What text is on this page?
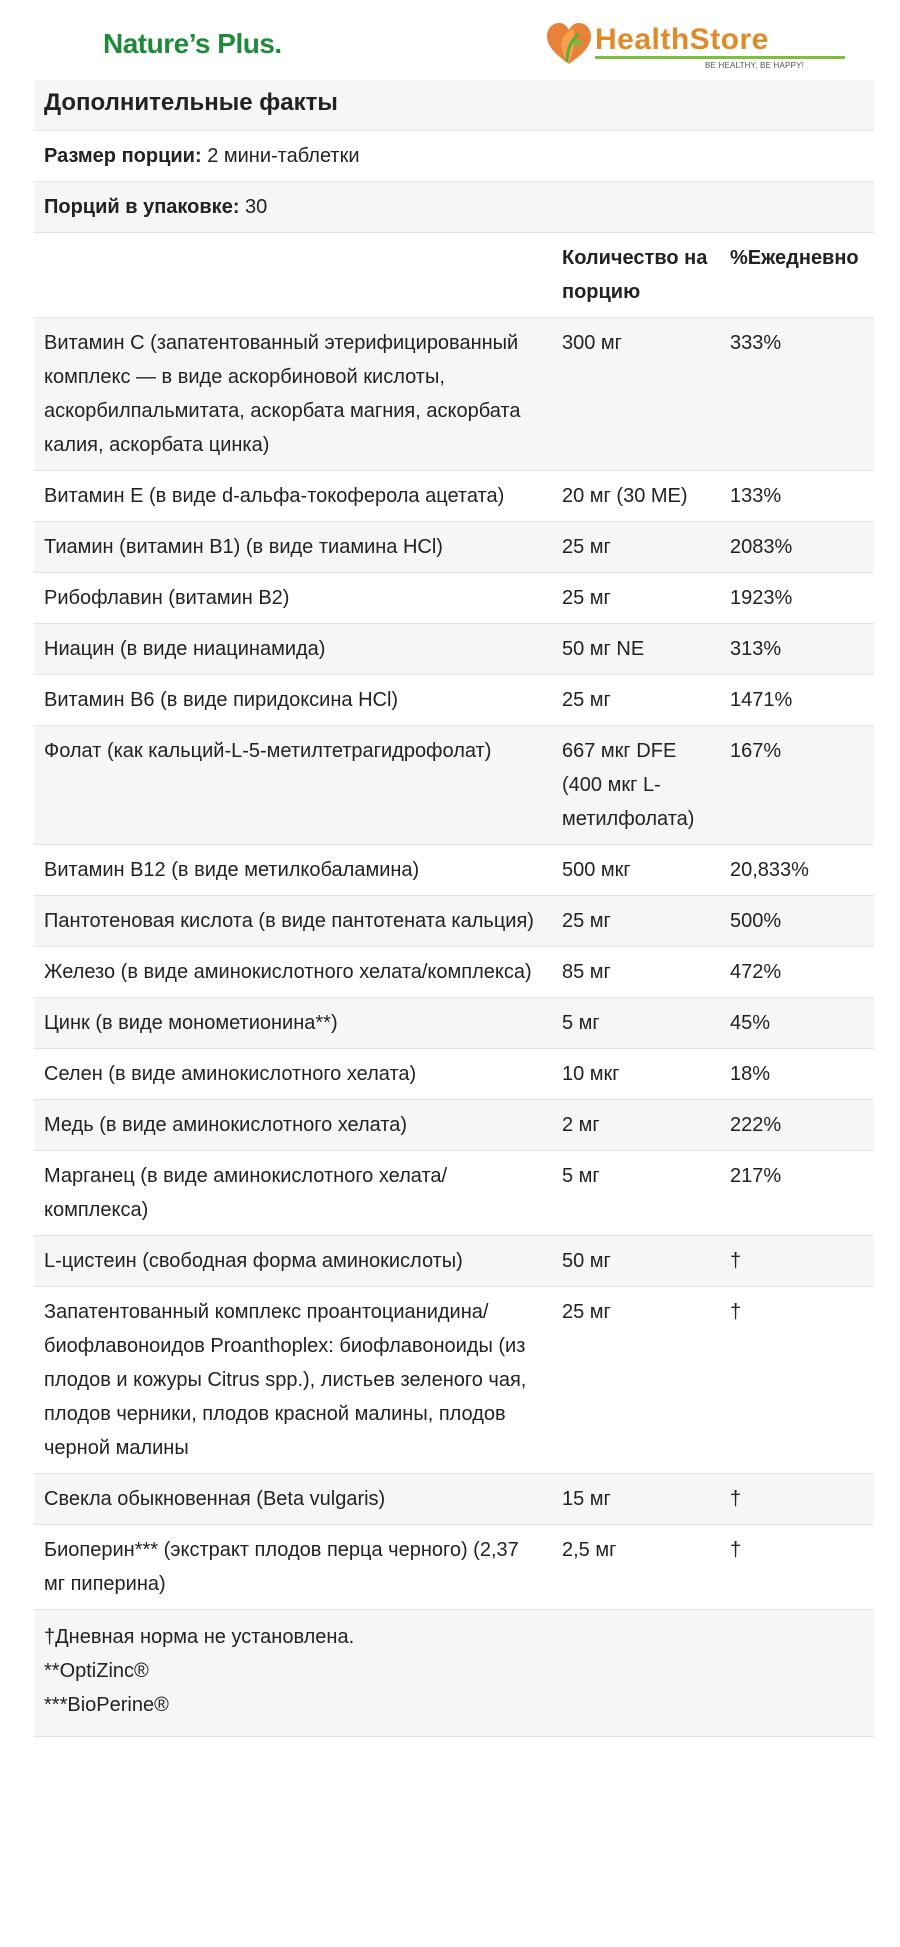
Nature’s Plus.	HealthStore
BE HEALTHY, BE HAPPY!
Дополнительные факты		
Размер порции: 2 мини-таблетки		
Порций в упаковке: 30		
	Количество на порцию	%Ежедневно
Витамин C (запатентованный этерифицированный комплекс — в виде аскорбиновой кислоты, аскорбилпальмитата, аскорбата магния, аскорбата калия, аскорбата цинка)	300 мг	333%
Витамин E (в виде d-альфа-токоферола ацетата)	20 мг (30 МЕ)	133%
Тиамин (витамин B1) (в виде тиамина HCl)	25 мг	2083%
Рибофлавин (витамин B2)	25 мг	1923%
Ниацин (в виде ниацинамида)	50 мг NE	313%
Витамин B6 (в виде пиридоксина HCl)	25 мг	1471%
Фолат (как кальций-L-5-метилтетрагидрофолат)	667 мкг DFE (400 мкг L-метилфолата)	167%
Витамин B12 (в виде метилкобаламина)	500 мкг	20,833%
Пантотеновая кислота (в виде пантотената кальция)	25 мг	500%
Железо (в виде аминокислотного хелата/комплекса)	85 мг	472%
Цинк (в виде монометионина**)	5 мг	45%
Селен (в виде аминокислотного хелата)	10 мкг	18%
Медь (в виде аминокислотного хелата)	2 мг	222%
Марганец (в виде аминокислотного хелата/комплекса)	5 мг	217%
L-цистеин (свободная форма аминокислоты)	50 мг	†
Запатентованный комплекс проантоцианидина/биофлавоноидов Proanthoplex: биофлавоноиды (из плодов и кожуры Citrus spp.), листьев зеленого чая, плодов черники, плодов красной малины, плодов черной малины	25 мг	†
Свекла обыкновенная (Beta vulgaris)	15 мг	†
Биоперин*** (экстракт плодов перца черного) (2,37 мг пиперина)	2,5 мг	†

†Дневная норма не установлена.
**OptiZinc®
***BioPerine®		
